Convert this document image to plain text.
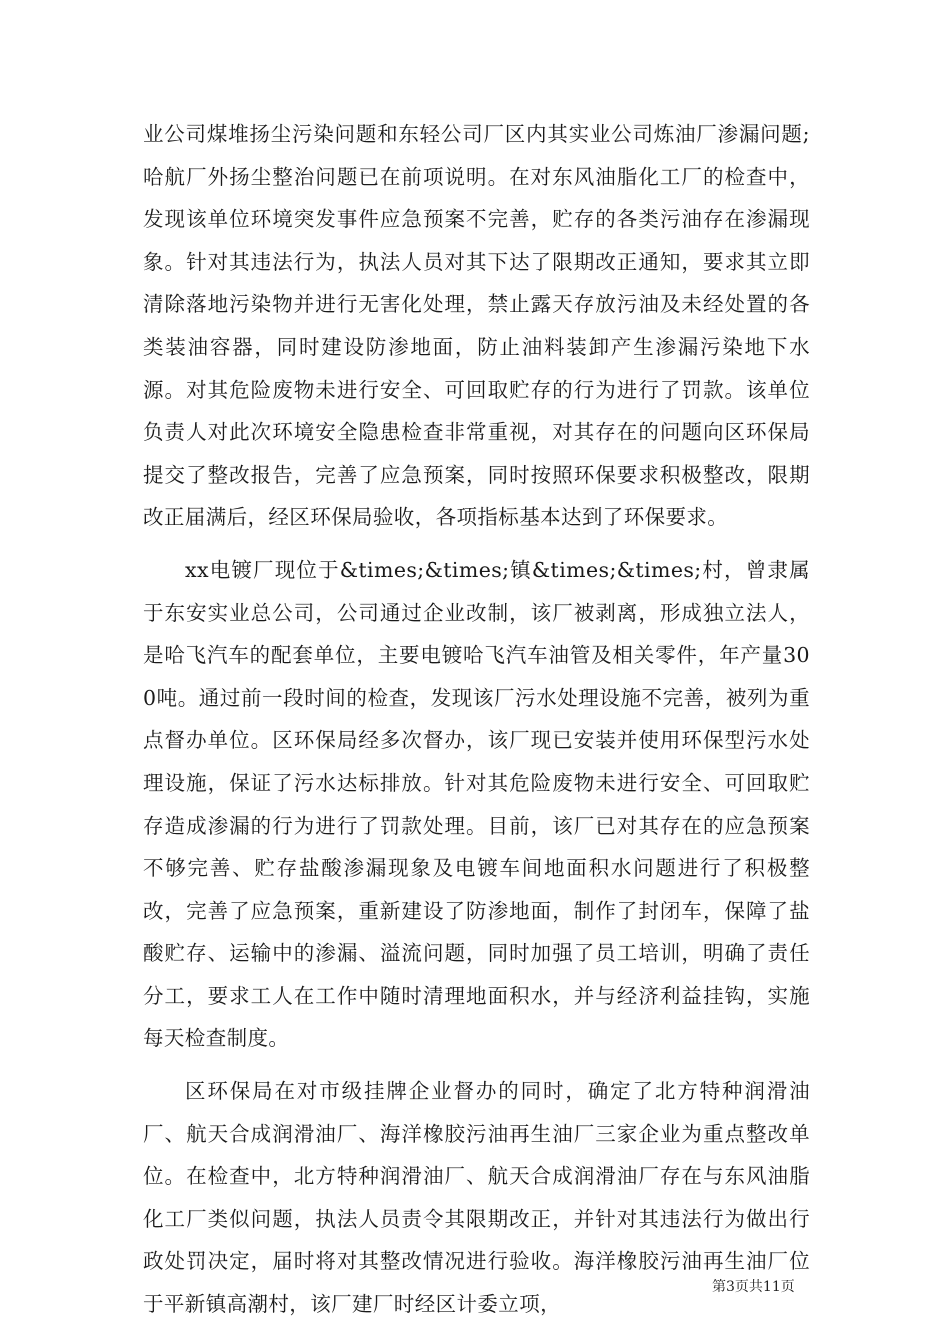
业公司煤堆扬尘污染问题和东轻公司厂区内其实业公司炼油厂渗漏问题;哈航厂外扬尘整治问题已在前项说明。在对东风油脂化工厂的检查中，发现该单位环境突发事件应急预案不完善，贮存的各类污油存在渗漏现象。针对其违法行为，执法人员对其下达了限期改正通知，要求其立即清除落地污染物并进行无害化处理，禁止露天存放污油及未经处置的各类装油容器，同时建设防渗地面，防止油料装卸产生渗漏污染地下水源。对其危险废物未进行安全、可回取贮存的行为进行了罚款。该单位负责人对此次环境安全隐患检查非常重视，对其存在的问题向区环保局提交了整改报告，完善了应急预案，同时按照环保要求积极整改，限期改正届满后，经区环保局验收，各项指标基本达到了环保要求。

xx电镀厂现位于&times;&times;镇&times;&times;村，曾隶属于东安实业总公司，公司通过企业改制，该厂被剥离，形成独立法人，是哈飞汽车的配套单位，主要电镀哈飞汽车油管及相关零件，年产量300吨。通过前一段时间的检查，发现该厂污水处理设施不完善，被列为重点督办单位。区环保局经多次督办，该厂现已安装并使用环保型污水处理设施，保证了污水达标排放。针对其危险废物未进行安全、可回取贮存造成渗漏的行为进行了罚款处理。目前，该厂已对其存在的应急预案不够完善、贮存盐酸渗漏现象及电镀车间地面积水问题进行了积极整改，完善了应急预案，重新建设了防渗地面，制作了封闭车，保障了盐酸贮存、运输中的渗漏、溢流问题，同时加强了员工培训，明确了责任分工，要求工人在工作中随时清理地面积水，并与经济利益挂钩，实施每天检查制度。

区环保局在对市级挂牌企业督办的同时，确定了北方特种润滑油厂、航天合成润滑油厂、海洋橡胶污油再生油厂三家企业为重点整改单位。在检查中，北方特种润滑油厂、航天合成润滑油厂存在与东风油脂化工厂类似问题，执法人员责令其限期改正，并针对其违法行为做出行政处罚决定，届时将对其整改情况进行验收。海洋橡胶污油再生油厂位于平新镇高潮村，该厂建厂时经区计委立项，

第3页共11页
